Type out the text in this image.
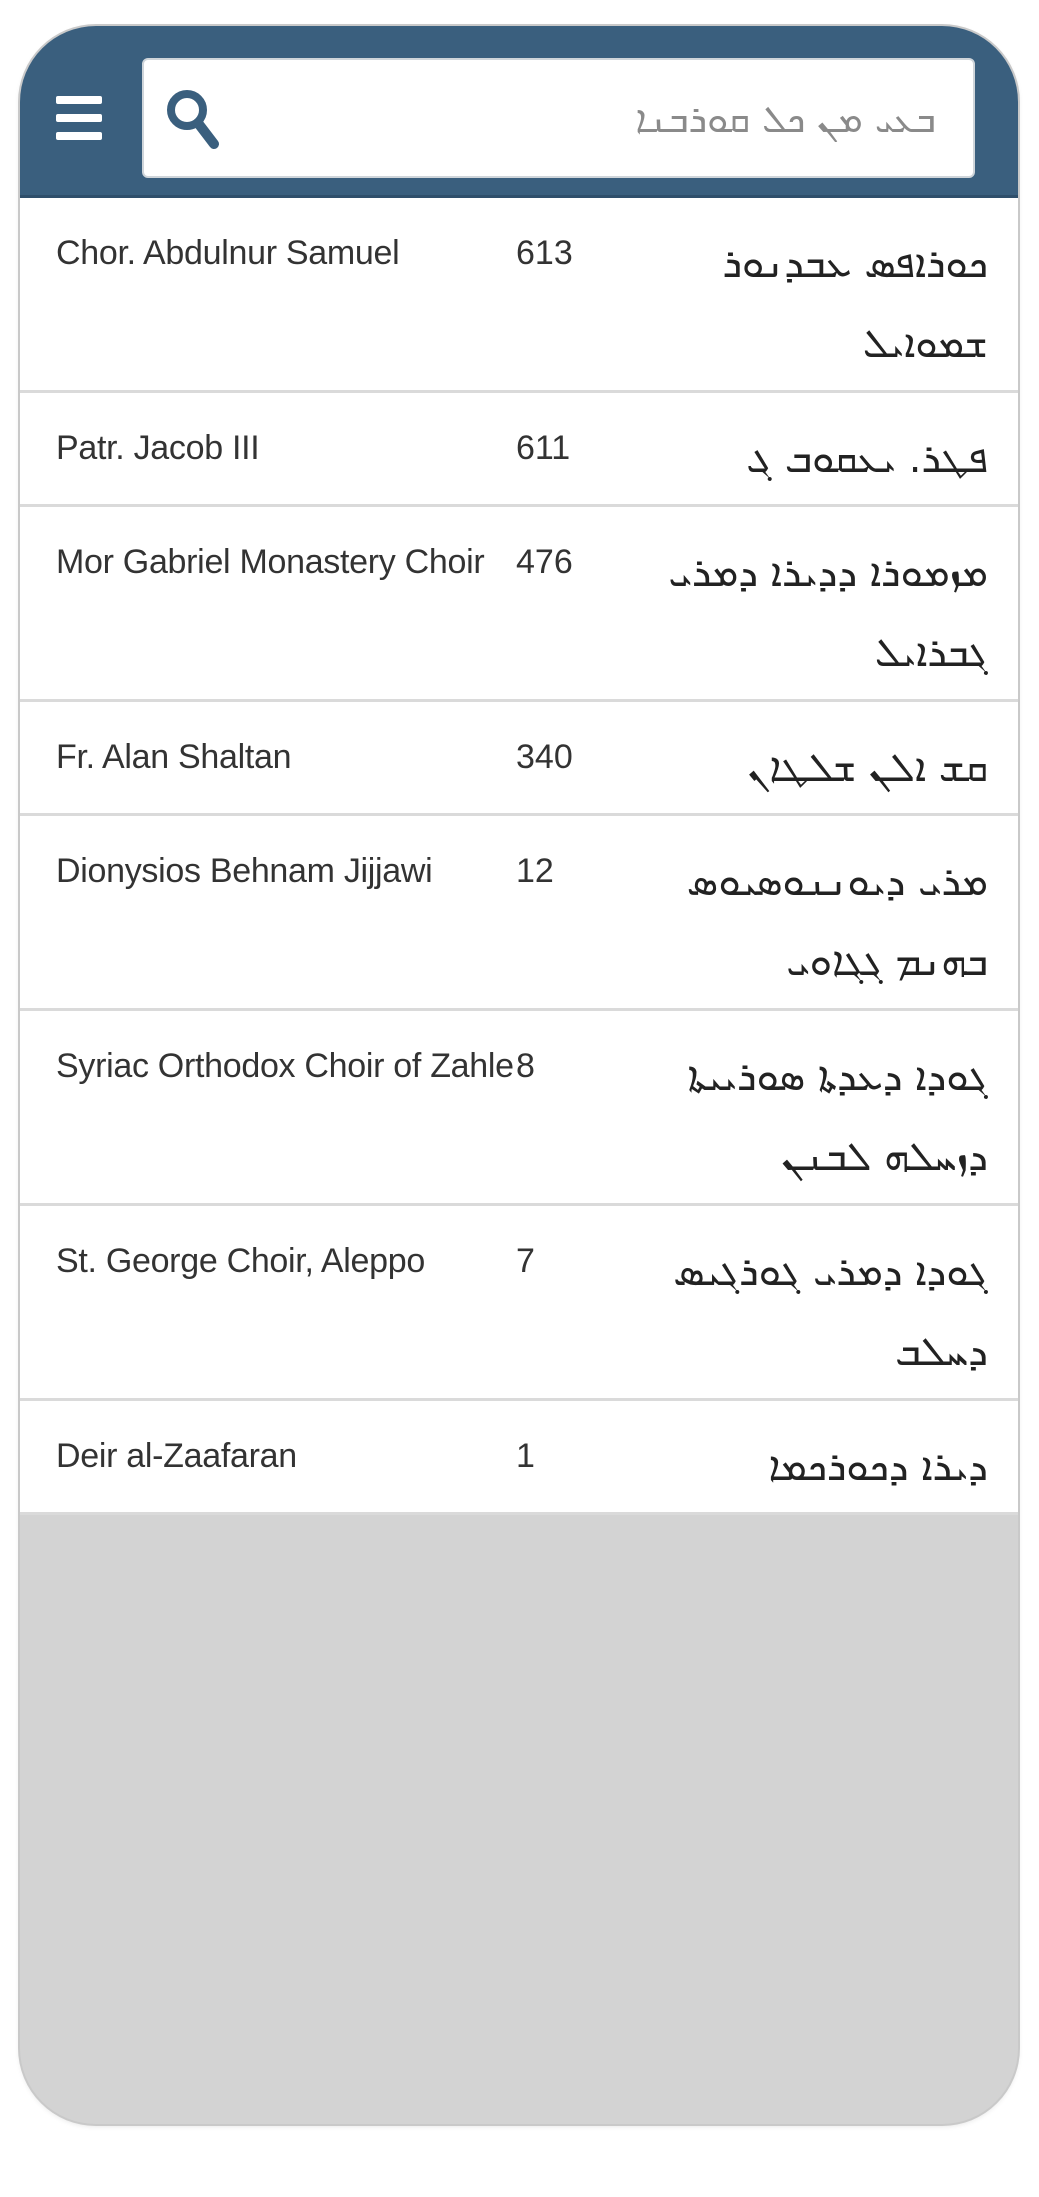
ܒܥܝ ܡܢ ܟܠ ܩܘܪܒܢܐ
Chor. Abdulnur Samuel	613	ܟܘܪܐܦܣ ܥܒܕܢܘܪ ܫܡܘܐܝܠ
Patr. Jacob III	611	ܦܛܪ. ܝܥܩܘܒ ܓ
Mor Gabriel Monastery Choir 476 ܡܙܡܘܪܐ ܕܕܝܪܐ ܕܡܪܝ ܓܒܪܐܝܠ
Fr. Alan Shaltan	340	ܩܫ ܐܠܢ ܫܠܛܐܢ
Dionysios Behnam Jijjawi 12	ܡܪܝ ܕܝܘܢܢܘܣܝܘܣ ܒܗܢܡ ܓܓܐܘܝ
Syriac Orthodox Choir of Zahle 8	ܓܘܕܐ ܕܥܕܬܐ ܣܘܪܝܝܬܐ ܕܙܚܠܗ ܠܒܢܢ
St. George Choir, Aleppo	7	ܓܘܕܐ ܕܡܪܝ ܓܘܪܓܝܣ ܕܚܠܒ
Deir al-Zaafaran	1	ܕܝܪܐ ܕܟܘܪܟܡܐ
